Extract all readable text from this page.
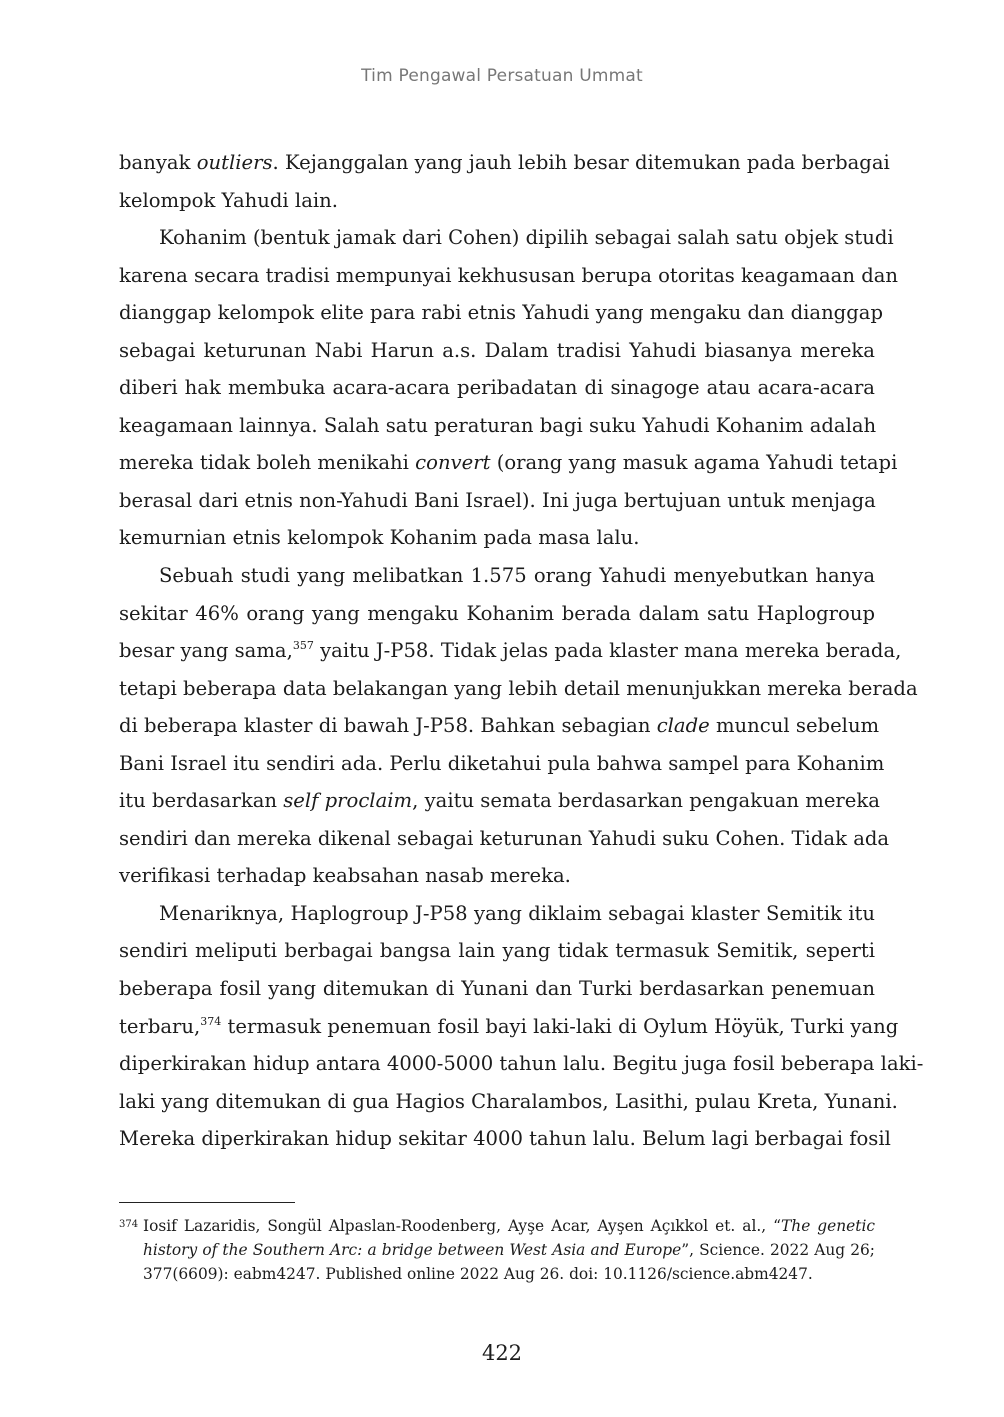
Tim Pengawal Persatuan Ummat
banyak outliers. Kejanggalan yang jauh lebih besar ditemukan pada berbagai
kelompok Yahudi lain.
Kohanim (bentuk jamak dari Cohen) dipilih sebagai salah satu objek studi
karena secara tradisi mempunyai kekhususan berupa otoritas keagamaan dan
dianggap kelompok elite para rabi etnis Yahudi yang mengaku dan dianggap
sebagai keturunan Nabi Harun a.s. Dalam tradisi Yahudi biasanya mereka
diberi hak membuka acara-acara peribadatan di sinagoge atau acara-acara
keagamaan lainnya. Salah satu peraturan bagi suku Yahudi Kohanim adalah
mereka tidak boleh menikahi convert (orang yang masuk agama Yahudi tetapi
berasal dari etnis non-Yahudi Bani Israel). Ini juga bertujuan untuk menjaga
kemurnian etnis kelompok Kohanim pada masa lalu.
Sebuah studi yang melibatkan 1.575 orang Yahudi menyebutkan hanya
sekitar 46% orang yang mengaku Kohanim berada dalam satu Haplogroup
besar yang sama,$^{357}$ yaitu J-P58. Tidak jelas pada klaster mana mereka berada,
tetapi beberapa data belakangan yang lebih detail menunjukkan mereka berada
di beberapa klaster di bawah J-P58. Bahkan sebagian clade muncul sebelum
Bani Israel itu sendiri ada. Perlu diketahui pula bahwa sampel para Kohanim
itu berdasarkan self proclaim, yaitu semata berdasarkan pengakuan mereka
sendiri dan mereka dikenal sebagai keturunan Yahudi suku Cohen. Tidak ada
verifikasi terhadap keabsahan nasab mereka.
Menariknya, Haplogroup J-P58 yang diklaim sebagai klaster Semitik itu
sendiri meliputi berbagai bangsa lain yang tidak termasuk Semitik, seperti
beberapa fosil yang ditemukan di Yunani dan Turki berdasarkan penemuan
terbaru,$^{374}$ termasuk penemuan fosil bayi laki-laki di Oylum Höyük, Turki yang
diperkirakan hidup antara 4000-5000 tahun lalu. Begitu juga fosil beberapa laki-
laki yang ditemukan di gua Hagios Charalambos, Lasithi, pulau Kreta, Yunani.
Mereka diperkirakan hidup sekitar 4000 tahun lalu. Belum lagi berbagai fosil
374 Iosif Lazaridis, Songül Alpaslan-Roodenberg, Ayşe Acar, Ayşen Açıkkol et. al., “The genetic
history of the Southern Arc: a bridge between West Asia and Europe”, Science. 2022 Aug 26;
377(6609): eabm4247. Published online 2022 Aug 26. doi: 10.1126/science.abm4247.
422
